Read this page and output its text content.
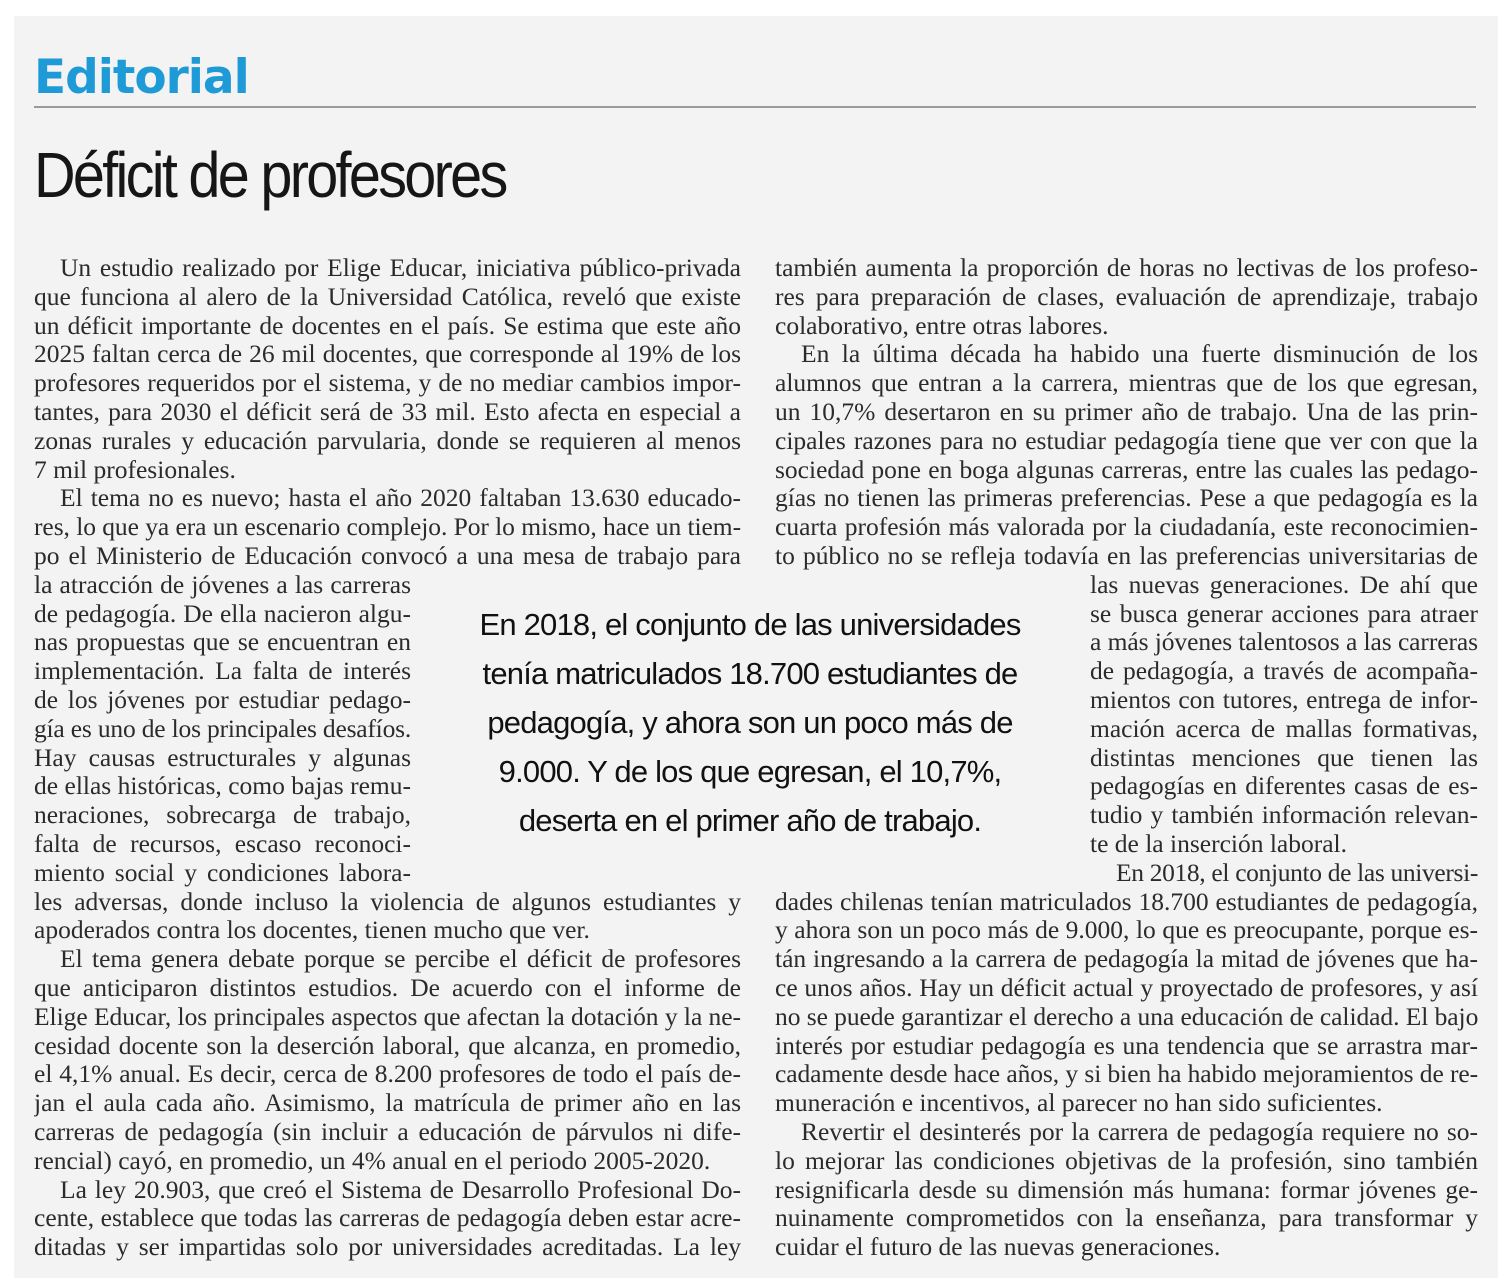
Editorial
Déficit de profesores
Un estudio realizado por Elige Educar, iniciativa público-privada
que funciona al alero de la Universidad Católica, reveló que existe
un déficit importante de docentes en el país. Se estima que este año
2025 faltan cerca de 26 mil docentes, que corresponde al 19% de los
profesores requeridos por el sistema, y de no mediar cambios impor-
tantes, para 2030 el déficit será de 33 mil. Esto afecta en especial a
zonas rurales y educación parvularia, donde se requieren al menos
7 mil profesionales.
El tema no es nuevo; hasta el año 2020 faltaban 13.630 educado-
res, lo que ya era un escenario complejo. Por lo mismo, hace un tiem-
po el Ministerio de Educación convocó a una mesa de trabajo para
la atracción de jóvenes a las carreras
de pedagogía. De ella nacieron algu-
nas propuestas que se encuentran en
implementación. La falta de interés
de los jóvenes por estudiar pedago-
gía es uno de los principales desafíos.
Hay causas estructurales y algunas
de ellas históricas, como bajas remu-
neraciones, sobrecarga de trabajo,
falta de recursos, escaso reconoci-
miento social y condiciones labora-
les adversas, donde incluso la violencia de algunos estudiantes y
apoderados contra los docentes, tienen mucho que ver.
El tema genera debate porque se percibe el déficit de profesores
que anticiparon distintos estudios. De acuerdo con el informe de
Elige Educar, los principales aspectos que afectan la dotación y la ne-
cesidad docente son la deserción laboral, que alcanza, en promedio,
el 4,1% anual. Es decir, cerca de 8.200 profesores de todo el país de-
jan el aula cada año. Asimismo, la matrícula de primer año en las
carreras de pedagogía (sin incluir a educación de párvulos ni dife-
rencial) cayó, en promedio, un 4% anual en el periodo 2005-2020.
La ley 20.903, que creó el Sistema de Desarrollo Profesional Do-
cente, establece que todas las carreras de pedagogía deben estar acre-
ditadas y ser impartidas solo por universidades acreditadas. La ley
también aumenta la proporción de horas no lectivas de los profeso-
res para preparación de clases, evaluación de aprendizaje, trabajo
colaborativo, entre otras labores.
En la última década ha habido una fuerte disminución de los
alumnos que entran a la carrera, mientras que de los que egresan,
un 10,7% desertaron en su primer año de trabajo. Una de las prin-
cipales razones para no estudiar pedagogía tiene que ver con que la
sociedad pone en boga algunas carreras, entre las cuales las pedago-
gías no tienen las primeras preferencias. Pese a que pedagogía es la
cuarta profesión más valorada por la ciudadanía, este reconocimien-
to público no se refleja todavía en las preferencias universitarias de
las nuevas generaciones. De ahí que
se busca generar acciones para atraer
a más jóvenes talentosos a las carreras
de pedagogía, a través de acompaña-
mientos con tutores, entrega de infor-
mación acerca de mallas formativas,
distintas menciones que tienen las
pedagogías en diferentes casas de es-
tudio y también información relevan-
te de la inserción laboral.
En 2018, el conjunto de las universi-
dades chilenas tenían matriculados 18.700 estudiantes de pedagogía,
y ahora son un poco más de 9.000, lo que es preocupante, porque es-
tán ingresando a la carrera de pedagogía la mitad de jóvenes que ha-
ce unos años. Hay un déficit actual y proyectado de profesores, y así
no se puede garantizar el derecho a una educación de calidad. El bajo
interés por estudiar pedagogía es una tendencia que se arrastra mar-
cadamente desde hace años, y si bien ha habido mejoramientos de re-
muneración e incentivos, al parecer no han sido suficientes.
Revertir el desinterés por la carrera de pedagogía requiere no so-
lo mejorar las condiciones objetivas de la profesión, sino también
resignificarla desde su dimensión más humana: formar jóvenes ge-
nuinamente comprometidos con la enseñanza, para transformar y
cuidar el futuro de las nuevas generaciones.
En 2018, el conjunto de las universidades
tenía matriculados 18.700 estudiantes de
pedagogía, y ahora son un poco más de
9.000. Y de los que egresan, el 10,7%,
deserta en el primer año de trabajo.
